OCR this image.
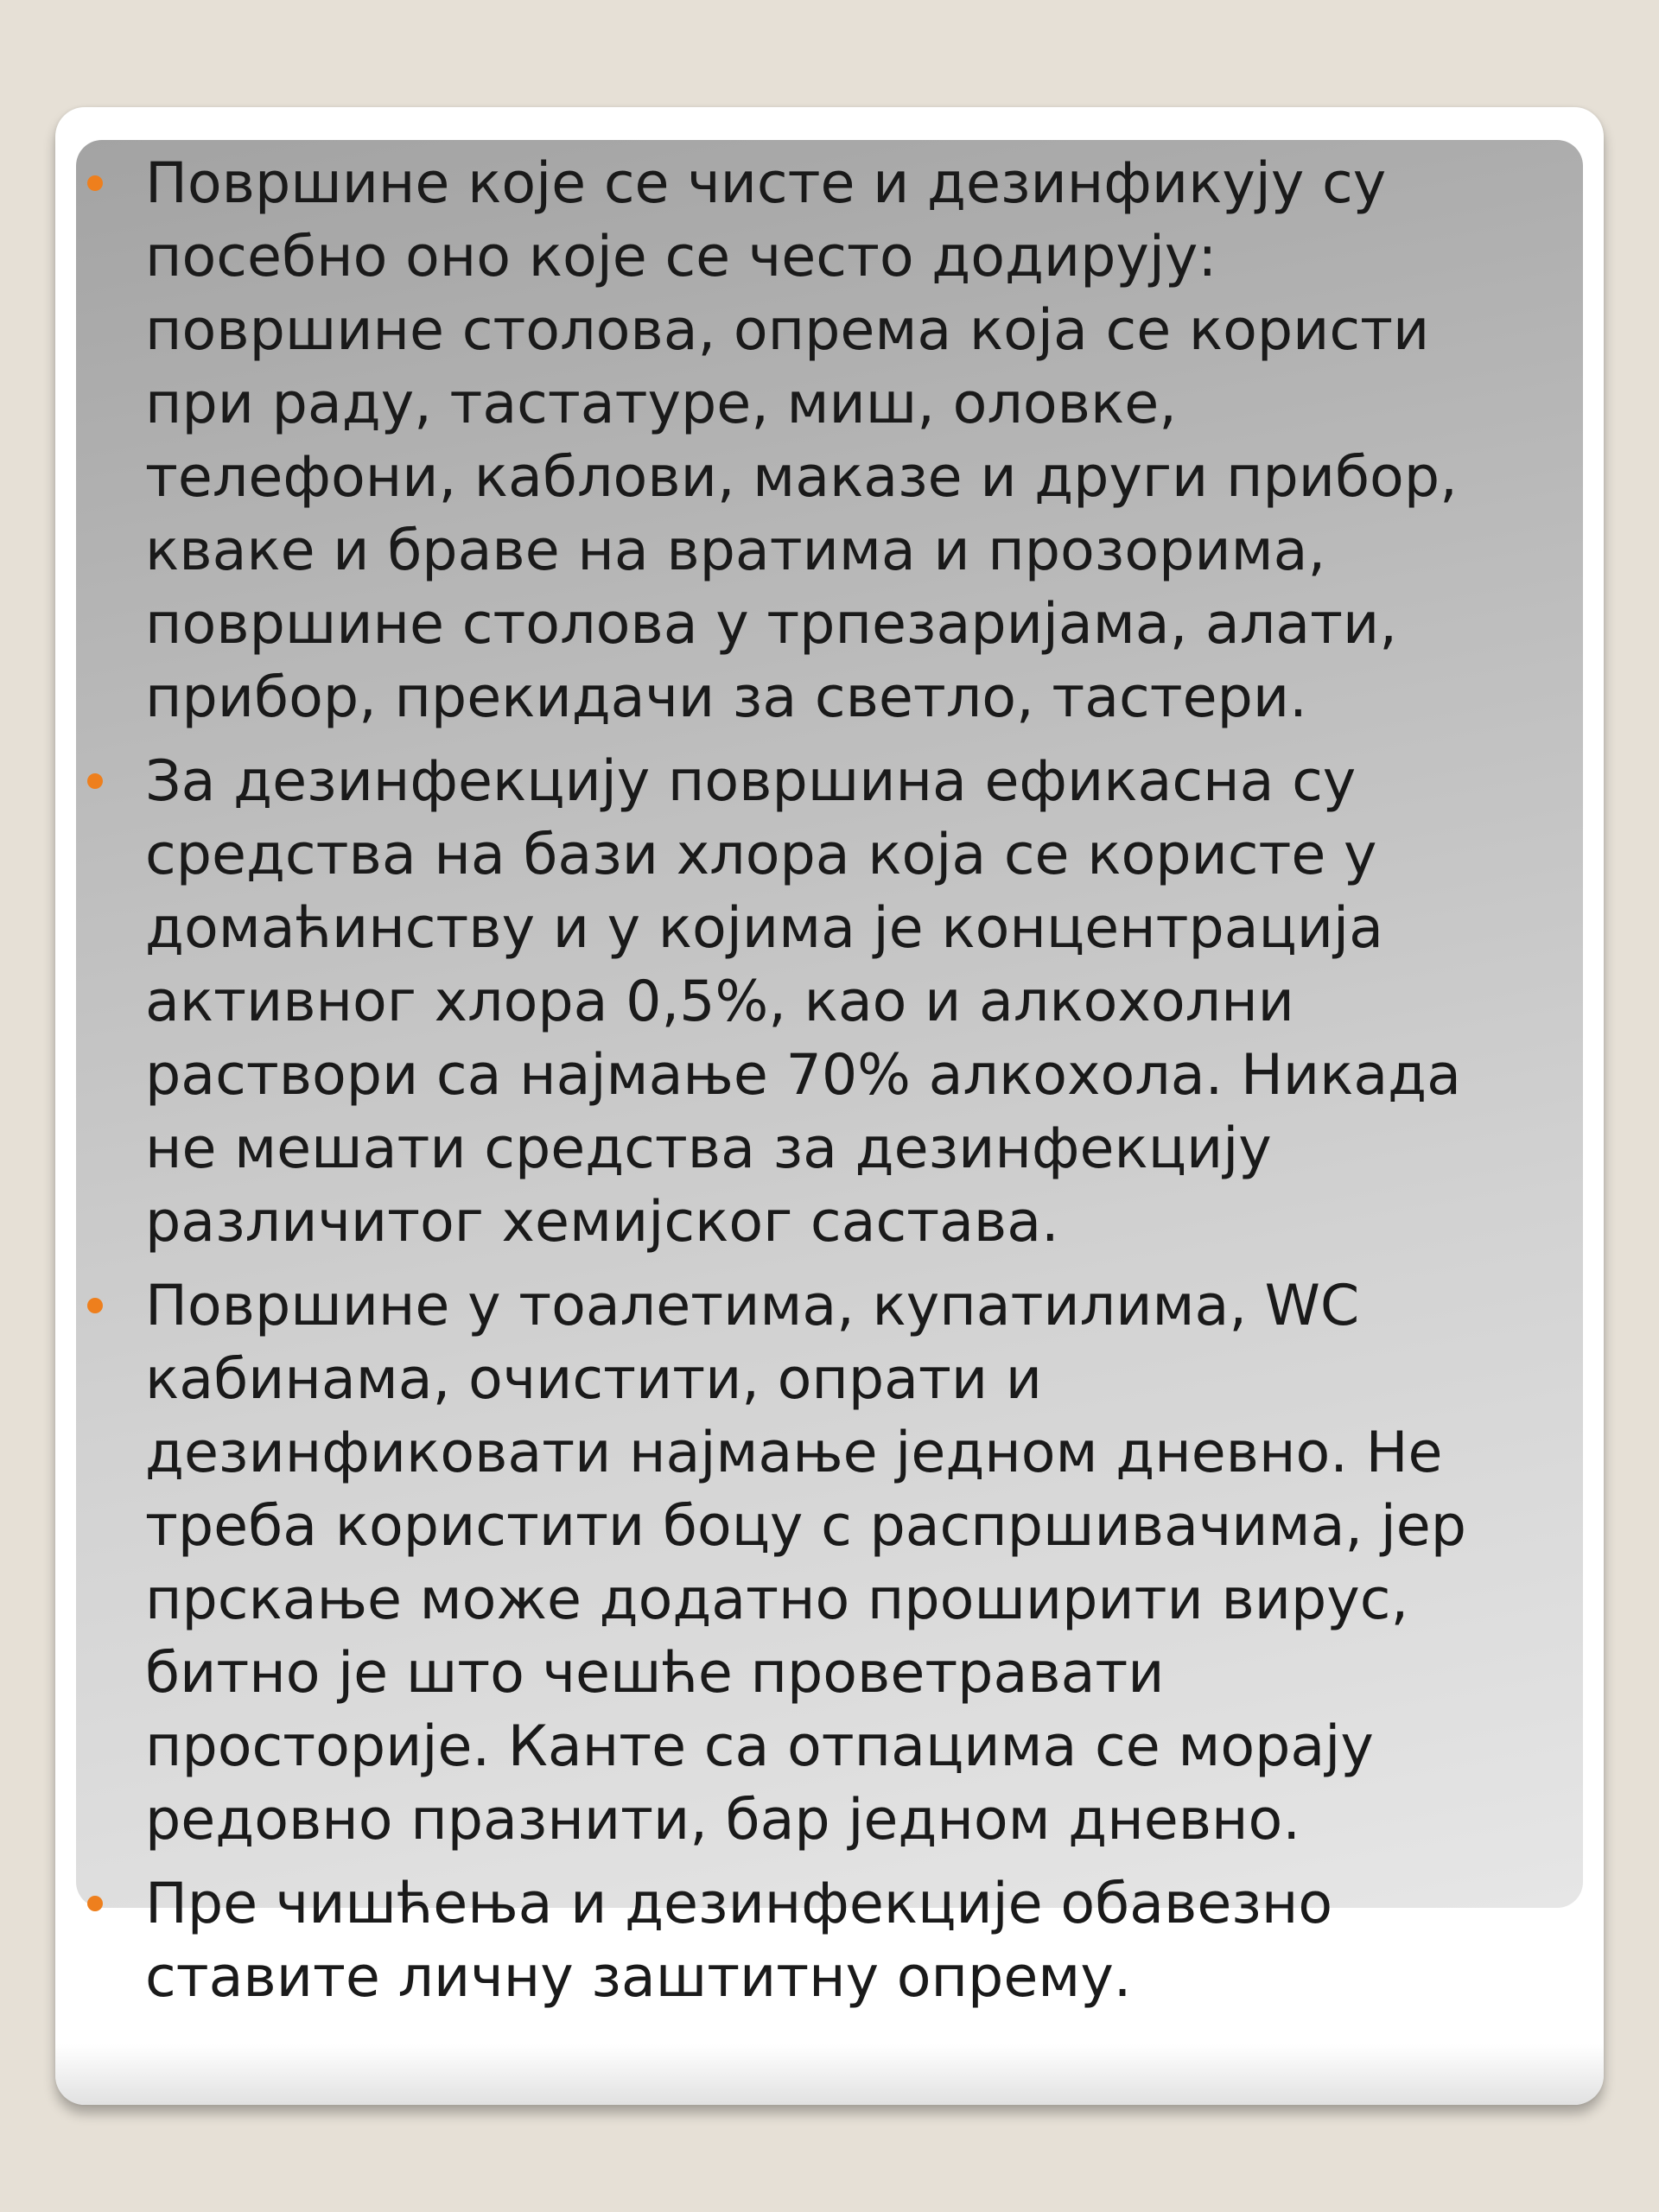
Површине које се чисте и дезинфикују су
посебно оно које се често додирују:
површине столова, опрема која се користи
при раду, тастатуре, миш, оловке,
телефони, каблови, маказе и други прибор,
кваке и браве на вратима и прозорима,
површине столова у трпезаријама, алати,
прибор, прекидачи за светло, тастери.
За дезинфекцију површина ефикасна су
средства на бази хлора која се користе у
домаћинству и у којима је концентрација
активног хлора 0,5%, као и алкохолни
раствори са најмање 70% алкохола. Никада
не мешати средства за дезинфекцију
различитог хемијског састава.
Површине у тоалетима, купатилима, WC
кабинама, очистити, опрати и
дезинфиковати најмање једном дневно. Не
треба користити боцу с распршивачима, јер
прскање може додатно проширити вирус,
битно је што чешће проветравати
просторије. Канте са отпацима се морају
редовно празнити, бар једном дневно.
Пре чишћења и дезинфекције обавезно
ставите личну заштитну опрему.
